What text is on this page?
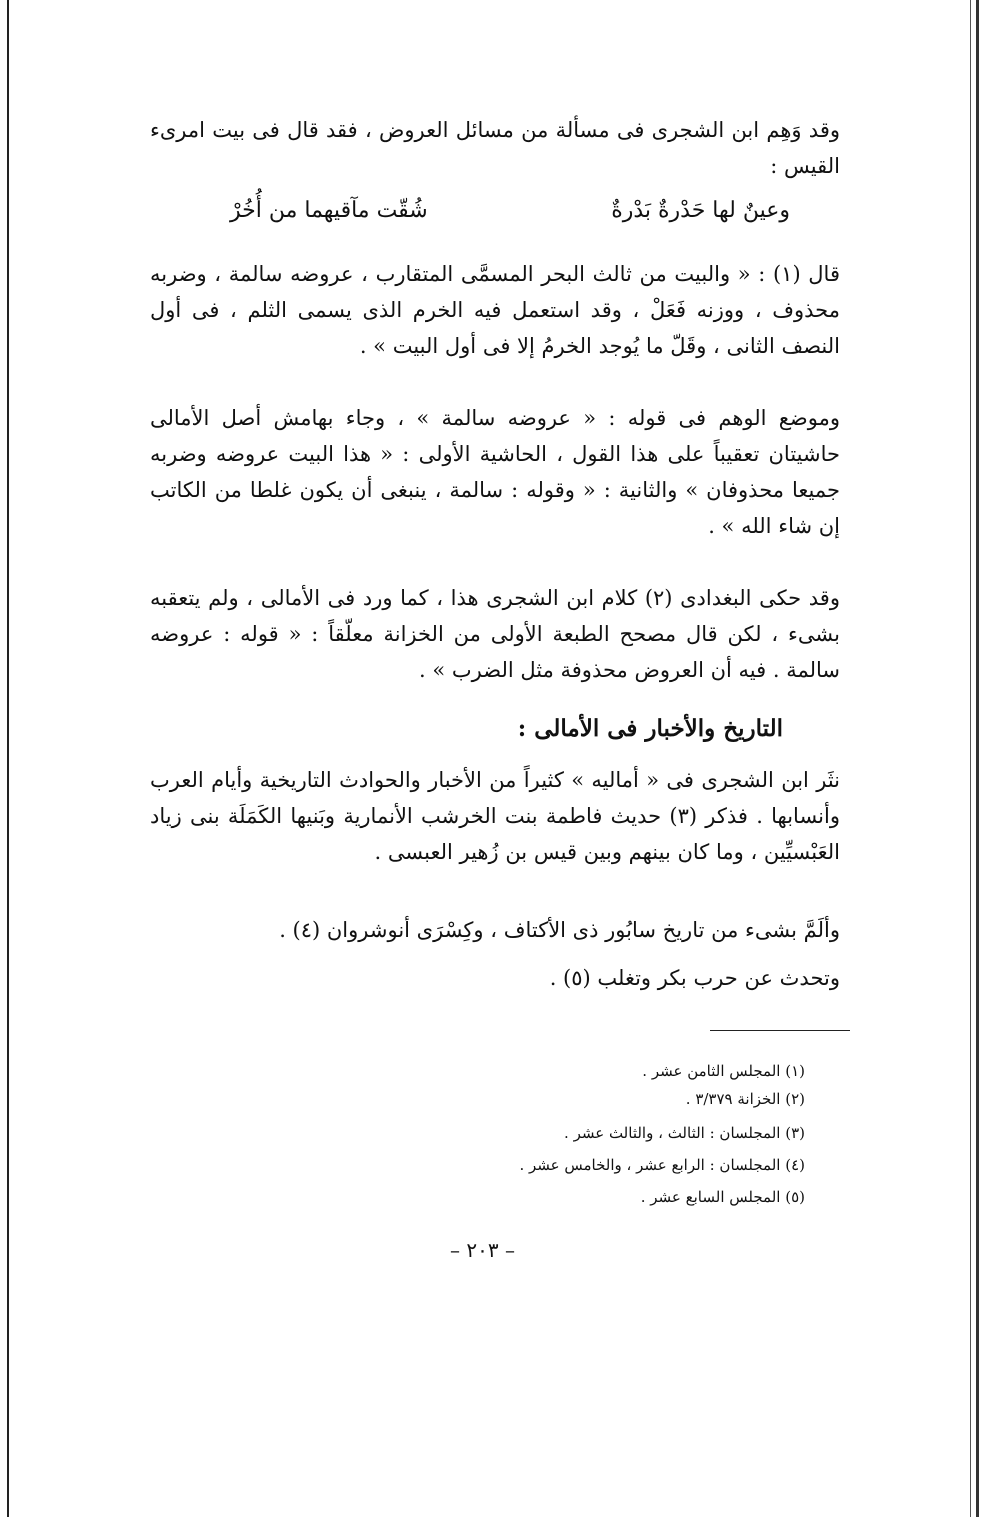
وقد وَهِم ابن الشجرى فى مسألة من مسائل العروض ، فقد قال فى بيت امرىء القيس :

وعينٌ لها حَدْرةٌ بَدْرةٌ
شُقّت مآقيهما من أُخُرْ

قال (١) : « والبيت من ثالث البحر المسمَّى المتقارب ، عروضه سالمة ، وضربه محذوف ، ووزنه فَعَلْ ، وقد استعمل فيه الخرم الذى يسمى الثلم ، فى أول النصف الثانى ، وقَلّ ما يُوجد الخرمُ إلا فى أول البيت » .

وموضع الوهم فى قوله : « عروضه سالمة » ، وجاء بهامش أصل الأمالى حاشيتان تعقيباً على هذا القول ، الحاشية الأولى : « هذا البيت عروضه وضربه جميعا محذوفان » والثانية : « وقوله : سالمة ، ينبغى أن يكون غلطا من الكاتب إن شاء الله » .

وقد حكى البغدادى (٢) كلام ابن الشجرى هذا ، كما ورد فى الأمالى ، ولم يتعقبه بشىء ، لكن قال مصحح الطبعة الأولى من الخزانة معلّقاً : « قوله : عروضه سالمة . فيه أن العروض محذوفة مثل الضرب » .

التاريخ والأخبار فى الأمالى :

نثَر ابن الشجرى فى « أماليه » كثيراً من الأخبار والحوادث التاريخية وأيام العرب وأنسابها . فذكر (٣) حديث فاطمة بنت الخرشب الأنمارية وبَنيها الكَمَلَة بنى زياد العَبْسيِّين ، وما كان بينهم وبين قيس بن زُهير العبسى .

وألَمَّ بشىء من تاريخ سابُور ذى الأكتاف ، وكِسْرَى أنوشروان (٤) .

وتحدث عن حرب بكر وتغلب (٥) .

(١) المجلس الثامن عشر .
(٢) الخزانة ٣/٣٧٩ .
(٣) المجلسان : الثالث ، والثالث عشر .
(٤) المجلسان : الرابع عشر ، والخامس عشر .
(٥) المجلس السابع عشر .
– ٢٠٣ –
